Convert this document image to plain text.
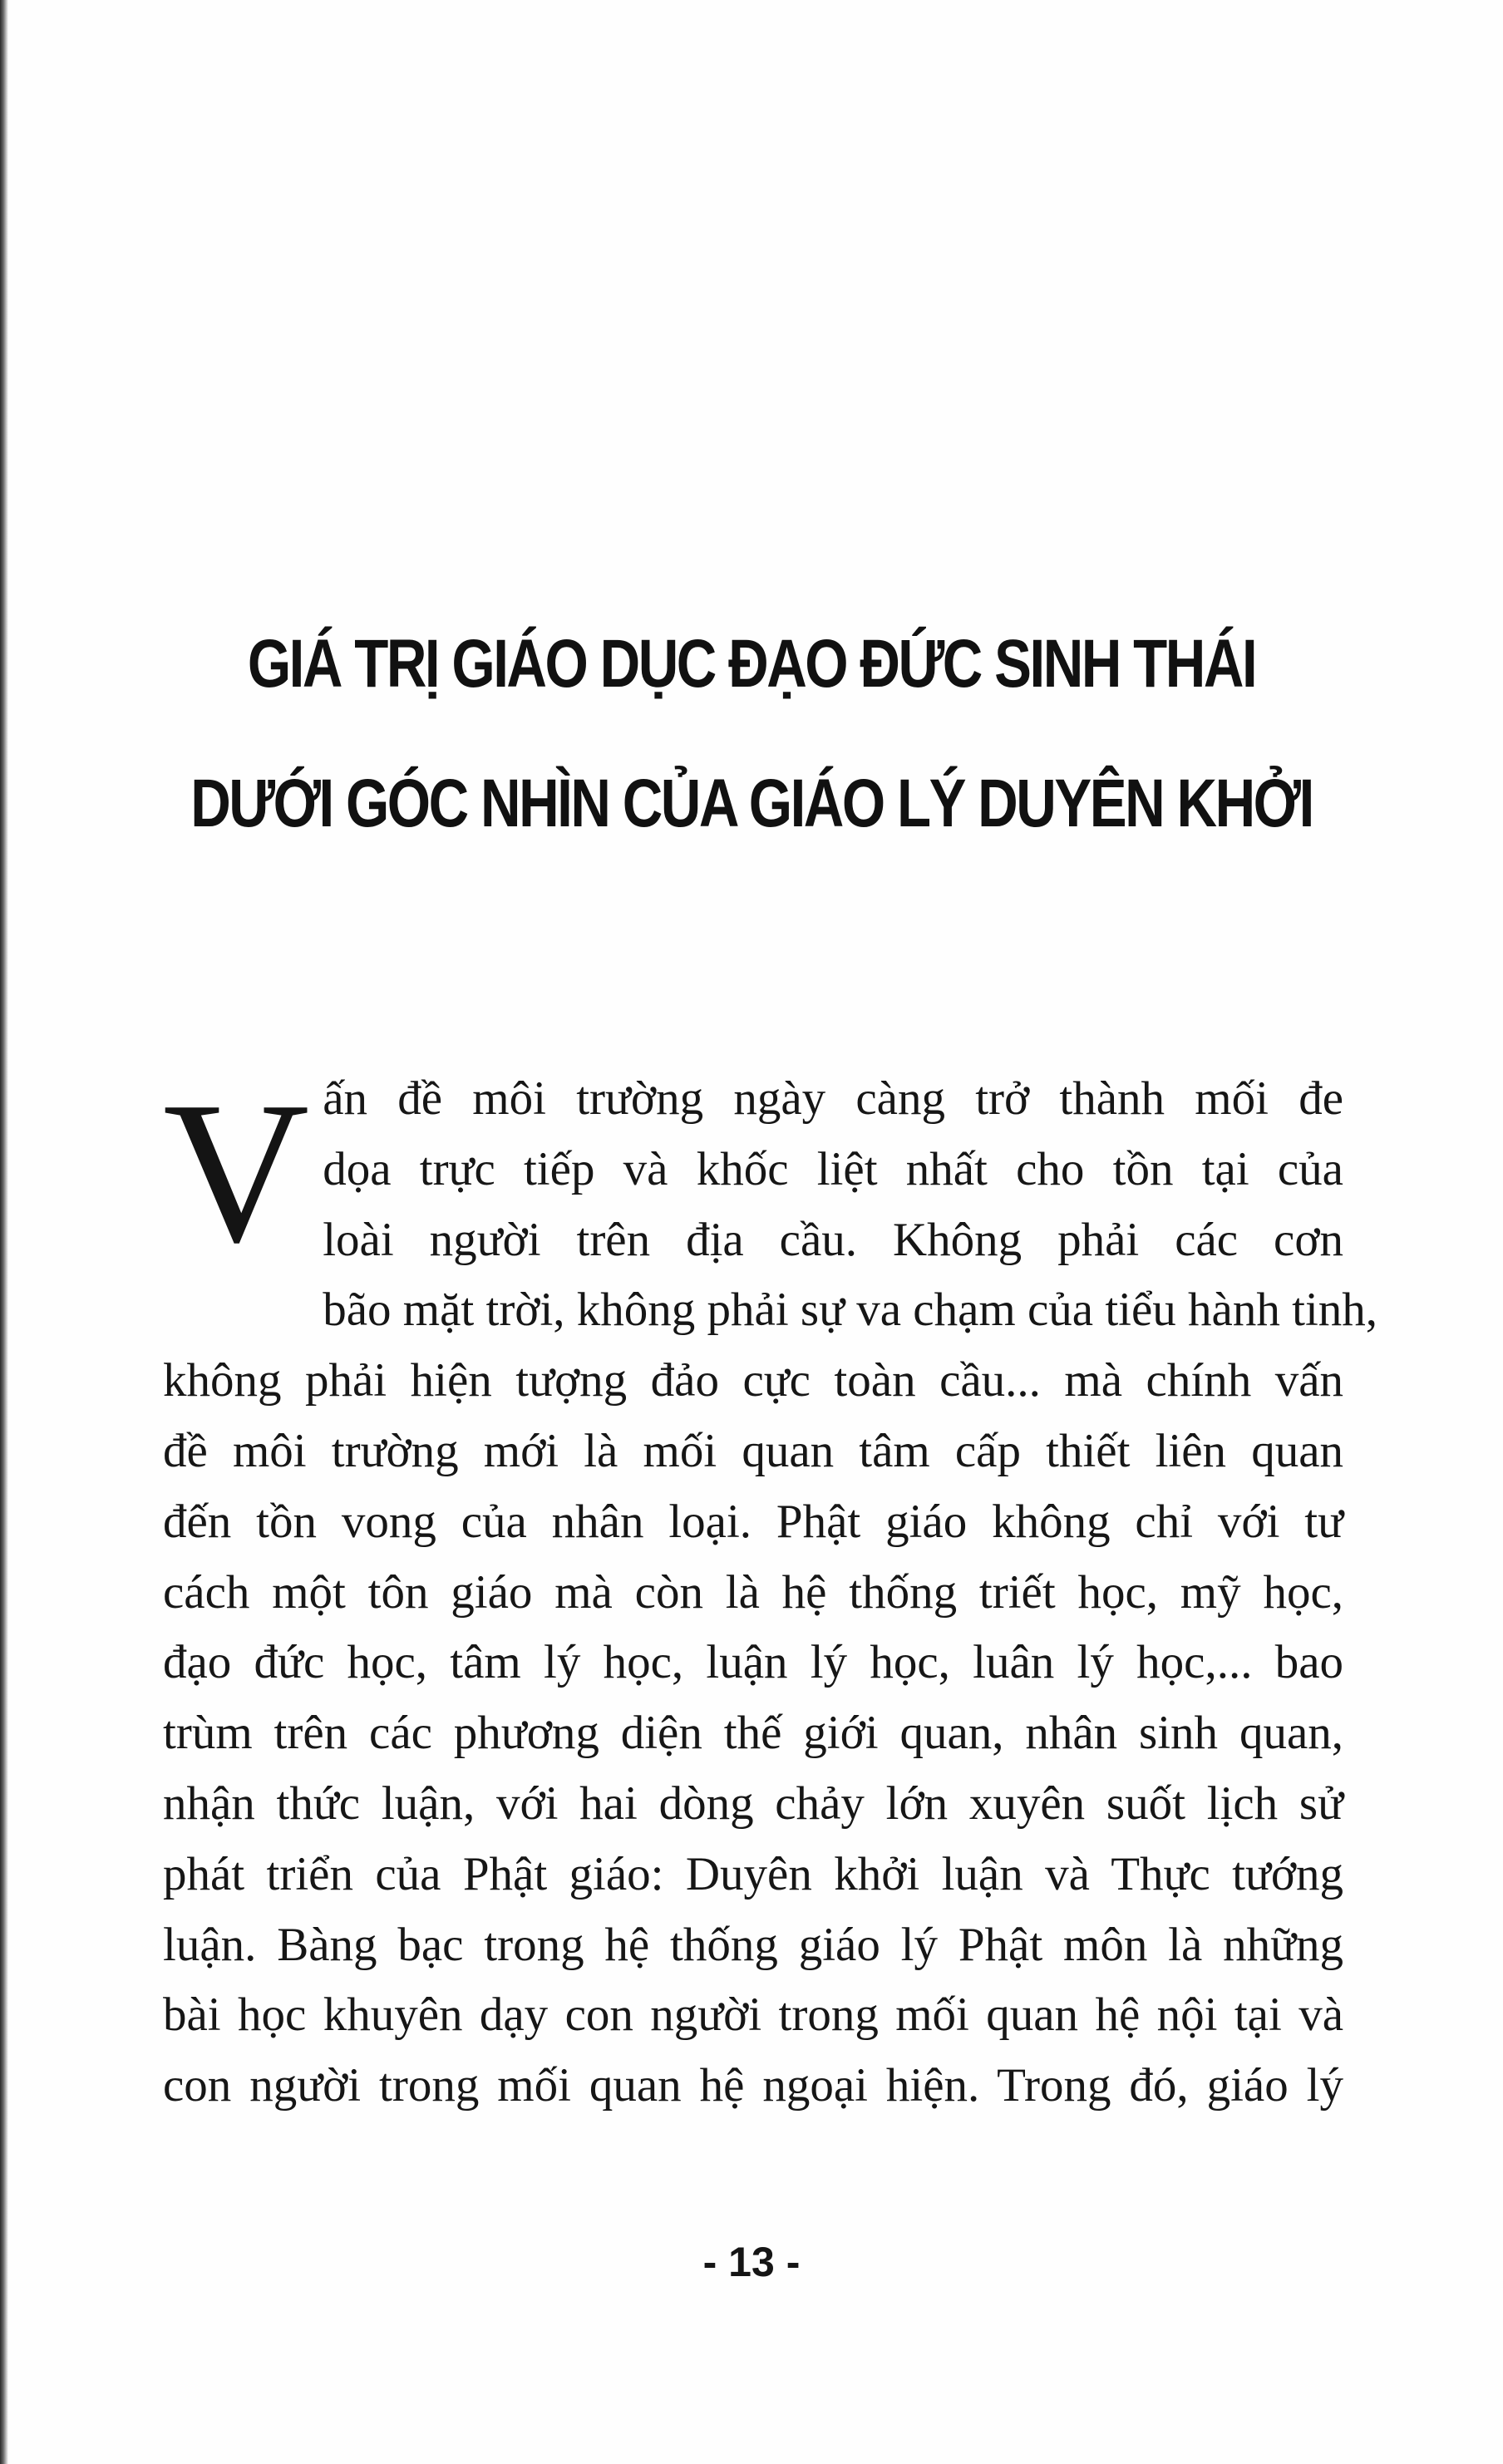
GIÁ TRỊ GIÁO DỤC ĐẠO ĐỨC SINH THÁI
DƯỚI GÓC NHÌN CỦA GIÁO LÝ DUYÊN KHỞI
V ấn đề môi trường ngày càng trở thành mối đe
dọa trực tiếp và khốc liệt nhất cho tồn tại của
loài người trên địa cầu. Không phải các cơn
bão mặt trời, không phải sự va chạm của tiểu hành tinh,
không phải hiện tượng đảo cực toàn cầu... mà chính vấn
đề môi trường mới là mối quan tâm cấp thiết liên quan
đến tồn vong của nhân loại. Phật giáo không chỉ với tư
cách một tôn giáo mà còn là hệ thống triết học, mỹ học,
đạo đức học, tâm lý học, luận lý học, luân lý học,... bao
trùm trên các phương diện thế giới quan, nhân sinh quan,
nhận thức luận, với hai dòng chảy lớn xuyên suốt lịch sử
phát triển của Phật giáo: Duyên khởi luận và Thực tướng
luận. Bàng bạc trong hệ thống giáo lý Phật môn là những
bài học khuyên dạy con người trong mối quan hệ nội tại và
con người trong mối quan hệ ngoại hiện. Trong đó, giáo lý
- 13 -
